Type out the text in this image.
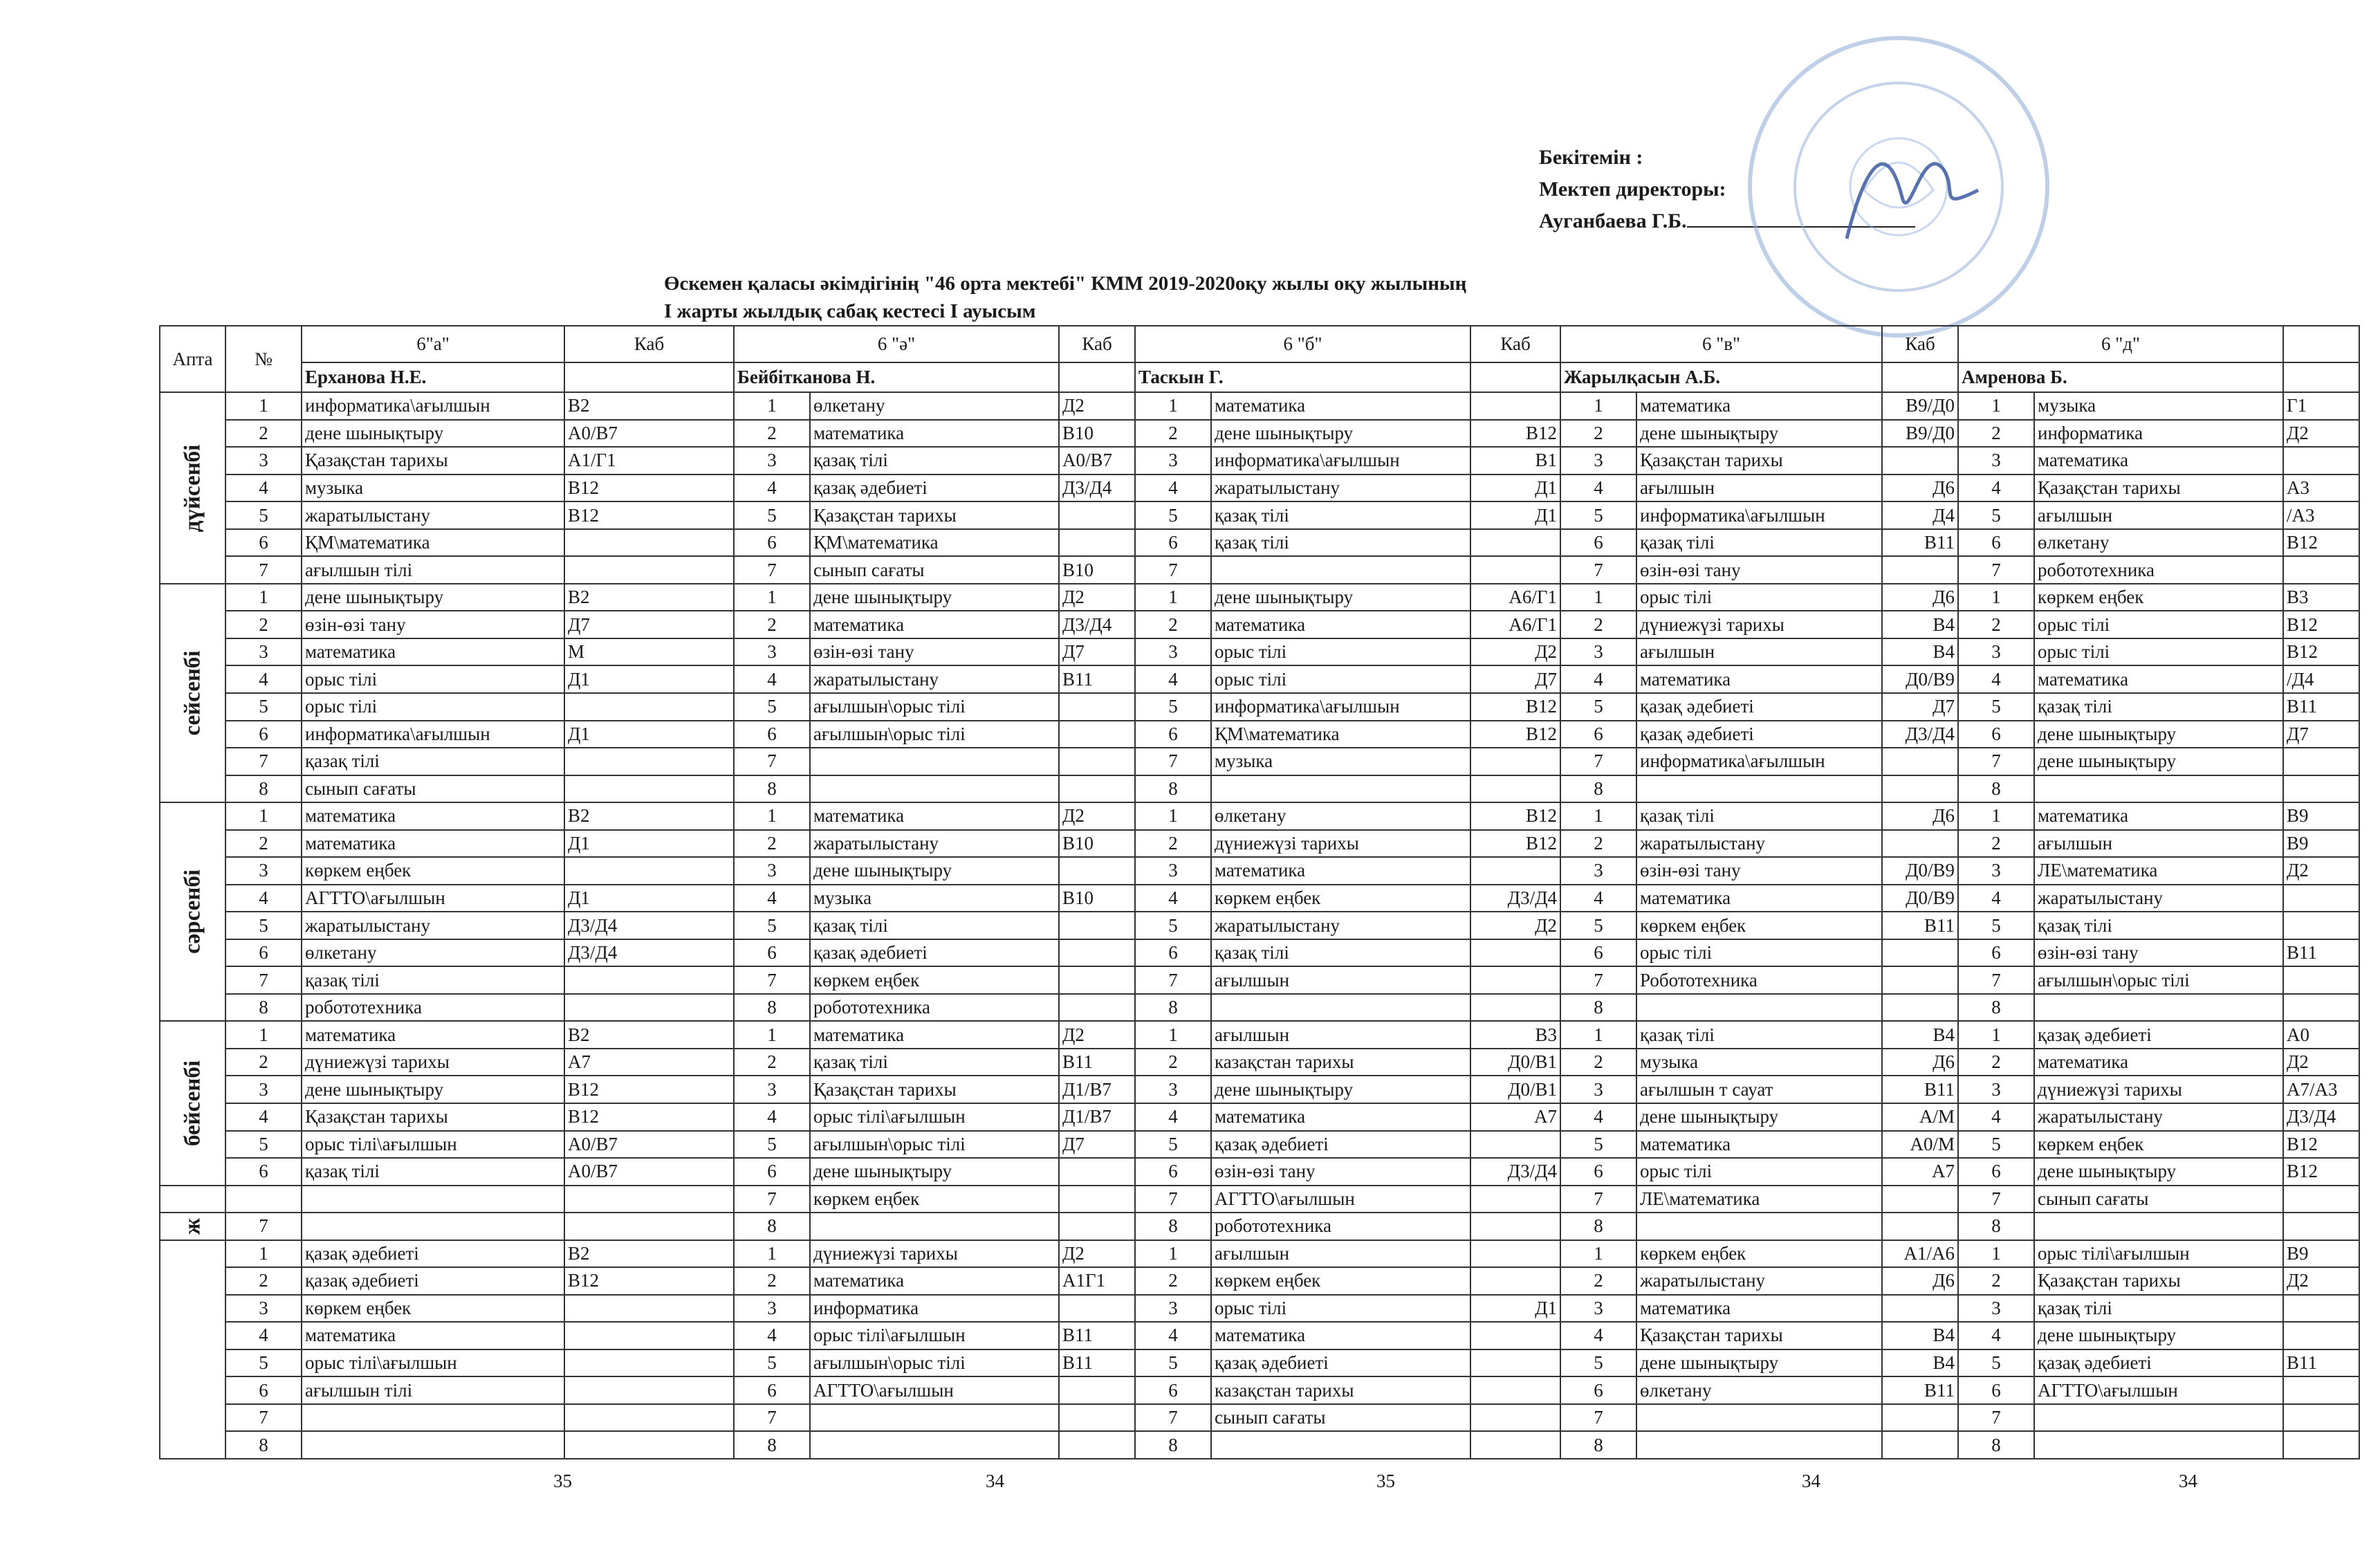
Бекітемін :
Мектеп директоры:
Ауганбаева Г.Б.
Өскемен қаласы әкімдігінің "46 орта мектебі" КММ 2019-2020оқу жылы оқу жылының
I жарты жылдық сабақ кестесі I ауысым
Апта	№	6"а"	Каб	6 "ә"		Каб	6 "б"		Каб	6 "в"		Каб	6 "д"		
		Ерханова Н.Е.		Бейбітканова Н.			Таскын Г.			Жарылқасын А.Б.			Амренова Б.		

дүйсенбі	1	информатика\ағылшын	В2	1	өлкетану	Д2	1	математика		1	математика	В9/Д0	1	музыка	Г1
	2	дене шынықтыру	А0/В7	2	математика	В10	2	дене шынықтыру	В12	2	дене шынықтыру	В9/Д0	2	информатика	Д2
	3	Қазақстан тарихы	А1/Г1	3	қазақ тілі	А0/В7	3	информатика\ағылшын	В1	3	Қазақстан тарихы		3	математика	
	4	музыка	В12	4	қазақ әдебиеті	Д3/Д4	4	жаратылыстану	Д1	4	ағылшын	Д6	4	Қазақстан тарихы	А3
	5	жаратылыстану	В12	5	Қазақстан тарихы		5	қазақ тілі	Д1	5	информатика\ағылшын	Д4	5	ағылшын	/А3
	6	ҚМ\математика		6	ҚМ\математика		6	қазақ тілі		6	қазақ тілі	В11	6	өлкетану	В12
	7	ағылшын тілі		7	сынып сағаты	В10	7			7	өзін-өзі тану		7	робототехника	

сейсенбі	1	дене шынықтыру	В2	1	дене шынықтыру	Д2	1	дене шынықтыру	А6/Г1	1	орыс тілі	Д6	1	көркем еңбек	В3
	2	өзін-өзі тану	Д7	2	математика	Д3/Д4	2	математика	А6/Г1	2	дүниежүзі тарихы	В4	2	орыс тілі	В12
	3	математика	М	3	өзін-өзі тану	Д7	3	орыс тілі	Д2	3	ағылшын	В4	3	орыс тілі	В12
	4	орыс тілі	Д1	4	жаратылыстану	В11	4	орыс тілі	Д7	4	математика	Д0/В9	4	математика	/Д4
	5	орыс тілі		5	ағылшын\орыс тілі		5	информатика\ағылшын	В12	5	қазақ әдебиеті	Д7	5	қазақ тілі	В11
	6	информатика\ағылшын	Д1	6	ағылшын\орыс тілі		6	ҚМ\математика	В12	6	қазақ әдебиеті	Д3/Д4	6	дене шынықтыру	Д7
	7	қазақ тілі		7			7	музыка		7	информатика\ағылшын		7	дене шынықтыру	
	8	сынып сағаты		8			8			8			8		

сәрсенбі	1	математика	В2	1	математика	Д2	1	өлкетану	В12	1	қазақ тілі	Д6	1	математика	В9
	2	математика	Д1	2	жаратылыстану	В10	2	дүниежүзі тарихы	В12	2	жаратылыстану		2	ағылшын	В9
	3	көркем еңбек		3	дене шынықтыру		3	математика		3	өзін-өзі тану	Д0/В9	3	ЛЕ\математика	Д2
	4	АГТТО\ағылшын	Д1	4	музыка	В10	4	көркем еңбек	Д3/Д4	4	математика	Д0/В9	4	жаратылыстану	
	5	жаратылыстану	Д3/Д4	5	қазақ тілі		5	жаратылыстану	Д2	5	көркем еңбек	В11	5	қазақ тілі	
	6	өлкетану	Д3/Д4	6	қазақ әдебиеті		6	қазақ тілі		6	орыс тілі		6	өзін-өзі тану	В11
	7	қазақ тілі		7	көркем еңбек		7	ағылшын		7	Робототехника		7	ағылшын\орыс тілі	
	8	робототехника		8	робототехника		8			8			8		

бейсенбі	1	математика	В2	1	математика	Д2	1	ағылшын	В3	1	қазақ тілі	В4	1	қазақ әдебиеті	А0
	2	дүниежүзі тарихы	А7	2	қазақ тілі	В11	2	казақстан тарихы	Д0/В1	2	музыка	Д6	2	математика	Д2
	3	дене шынықтыру	В12	3	Қазақстан тарихы	Д1/В7	3	дене шынықтыру	Д0/В1	3	ағылшын т сауат	В11	3	дүниежүзі тарихы	А7/А3
	4	Қазақстан тарихы	В12	4	орыс тілі\ағылшын	Д1/В7	4	математика	А7	4	дене шынықтыру	А/М	4	жаратылыстану	Д3/Д4
	5	орыс тілі\ағылшын	А0/В7	5	ағылшын\орыс тілі	Д7	5	қазақ әдебиеті		5	математика	А0/М	5	көркем еңбек	В12
	6	қазақ тілі	А0/В7	6	дене шынықтыру		6	өзін-өзі тану	Д3/Д4	6	орыс тілі	А7	6	дене шынықтыру	В12

				7	көркем еңбек		7	АГТТО\ағылшын		7	ЛЕ\математика		7	сынып сағаты	

ж	7			8			8	робототехника		8			8		

	1	қазақ әдебиеті	В2	1	дүниежүзі тарихы	Д2	1	ағылшын		1	көркем еңбек	А1/А6	1	орыс тілі\ағылшын	В9
	2	қазақ әдебиеті	В12	2	математика	А1Г1	2	көркем еңбек		2	жаратылыстану	Д6	2	Қазақстан тарихы	Д2
	3	көркем еңбек		3	информатика		3	орыс тілі	Д1	3	математика		3	қазақ тілі	
	4	математика		4	орыс тілі\ағылшын	В11	4	математика		4	Қазақстан тарихы	В4	4	дене шынықтыру	
	5	орыс тілі\ағылшын		5	ағылшын\орыс тілі	В11	5	қазақ әдебиеті		5	дене шынықтыру	В4	5	қазақ әдебиеті	В11
	6	ағылшын тілі		6	АГТТО\ағылшын		6	казақстан тарихы		6	өлкетану	В11	6	АГТТО\ағылшын	
	7			7			7	сынып сағаты		7			7		
	8			8			8			8			8		
35	34	35	34	34
